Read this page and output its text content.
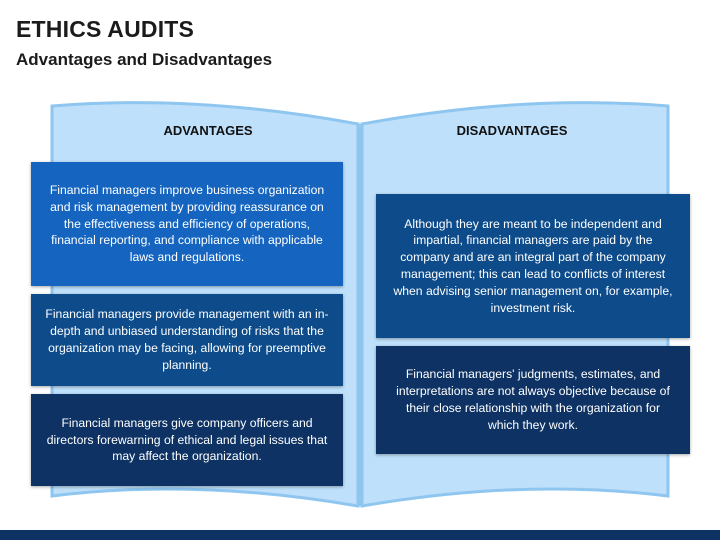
ETHICS AUDITS
Advantages and Disadvantages
ADVANTAGES	DISADVANTAGES
Financial managers improve business organization and risk management by providing reassurance on the effectiveness and efficiency of operations, financial reporting, and compliance with applicable laws and regulations.
Financial managers provide management with an in-depth and unbiased understanding of risks that the organization may be facing, allowing for preemptive planning.
Financial managers give company officers and directors forewarning of ethical and legal issues that may affect the organization.
Although they are meant to be independent and impartial, financial managers are paid by the company and are an integral part of the company management; this can lead to conflicts of interest when advising senior management on, for example, investment risk.
Financial managers' judgments, estimates, and interpretations are not always objective because of their close relationship with the organization for which they work.
